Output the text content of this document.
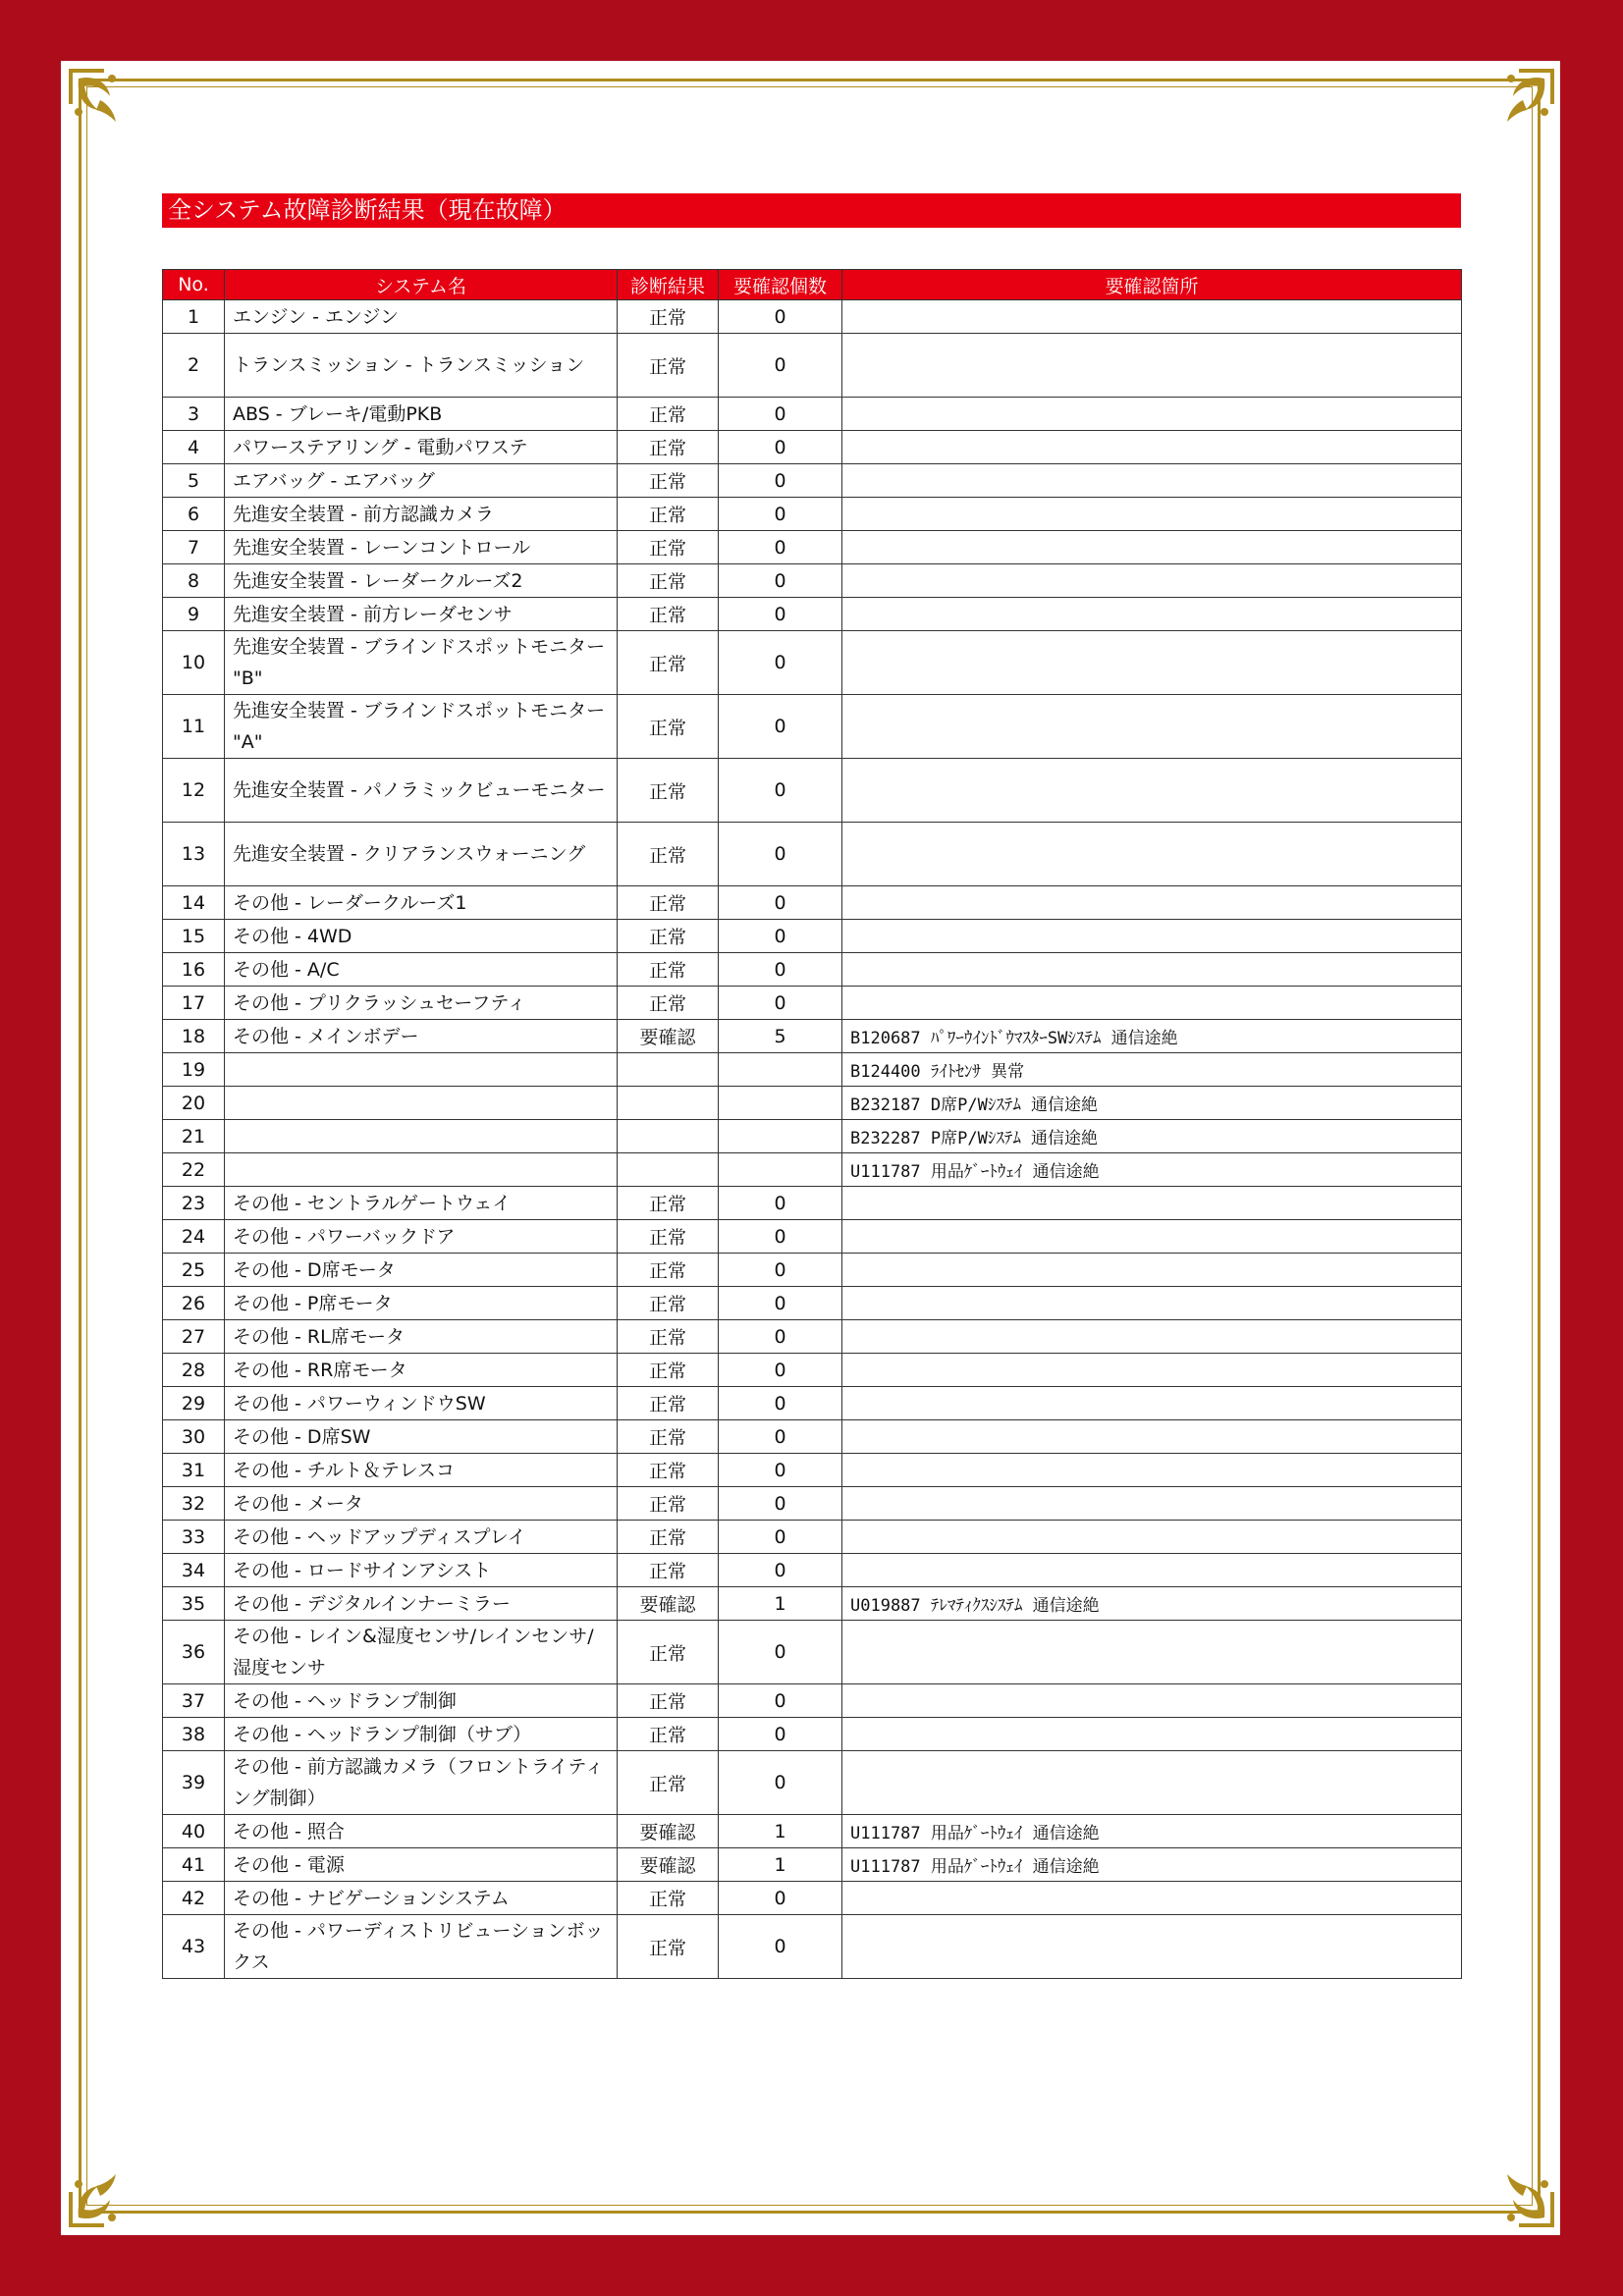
全システム故障診断結果（現在故障）
No.	システム名	診断結果	要確認個数	要確認箇所
1	エンジン - エンジン	正常	0	
2	トランスミッション - トランスミッション	正常	0	
3	ABS - ブレーキ/電動PKB	正常	0	
4	パワーステアリング - 電動パワステ	正常	0	
5	エアバッグ - エアバッグ	正常	0	
6	先進安全装置 - 前方認識カメラ	正常	0	
7	先進安全装置 - レーンコントロール	正常	0	
8	先進安全装置 - レーダークルーズ2	正常	0	
9	先進安全装置 - 前方レーダセンサ	正常	0	
10	先進安全装置 - ブラインドスポットモニター "B"	正常	0	
11	先進安全装置 - ブラインドスポットモニター "A"	正常	0	
12	先進安全装置 - パノラミックビューモニター	正常	0	
13	先進安全装置 - クリアランスウォーニング	正常	0	
14	その他 - レーダークルーズ1	正常	0	
15	その他 - 4WD	正常	0	
16	その他 - A/C	正常	0	
17	その他 - プリクラッシュセーフティ	正常	0	
18	その他 - メインボデー	要確認	5	B120687 ﾊﾟﾜｰｳｲﾝﾄﾞｳﾏｽﾀｰSWｼｽﾃﾑ 通信途絶
19				B124400 ﾗｲﾄｾﾝｻ 異常
20				B232187 D席P/Wｼｽﾃﾑ 通信途絶
21				B232287 P席P/Wｼｽﾃﾑ 通信途絶
22				U111787 用品ｹﾞｰﾄｳｪｲ 通信途絶
23	その他 - セントラルゲートウェイ	正常	0	
24	その他 - パワーバックドア	正常	0	
25	その他 - D席モータ	正常	0	
26	その他 - P席モータ	正常	0	
27	その他 - RL席モータ	正常	0	
28	その他 - RR席モータ	正常	0	
29	その他 - パワーウィンドウSW	正常	0	
30	その他 - D席SW	正常	0	
31	その他 - チルト＆テレスコ	正常	0	
32	その他 - メータ	正常	0	
33	その他 - ヘッドアップディスプレイ	正常	0	
34	その他 - ロードサインアシスト	正常	0	
35	その他 - デジタルインナーミラー	要確認	1	U019887 ﾃﾚﾏﾃｨｸｽｼｽﾃﾑ 通信途絶
36	その他 - レイン&湿度センサ/レインセンサ/湿度センサ	正常	0	
37	その他 - ヘッドランプ制御	正常	0	
38	その他 - ヘッドランプ制御（サブ）	正常	0	
39	その他 - 前方認識カメラ（フロントライティング制御）	正常	0	
40	その他 - 照合	要確認	1	U111787 用品ｹﾞｰﾄｳｪｲ 通信途絶
41	その他 - 電源	要確認	1	U111787 用品ｹﾞｰﾄｳｪｲ 通信途絶
42	その他 - ナビゲーションシステム	正常	0	
43	その他 - パワーディストリビューションボックス	正常	0	
